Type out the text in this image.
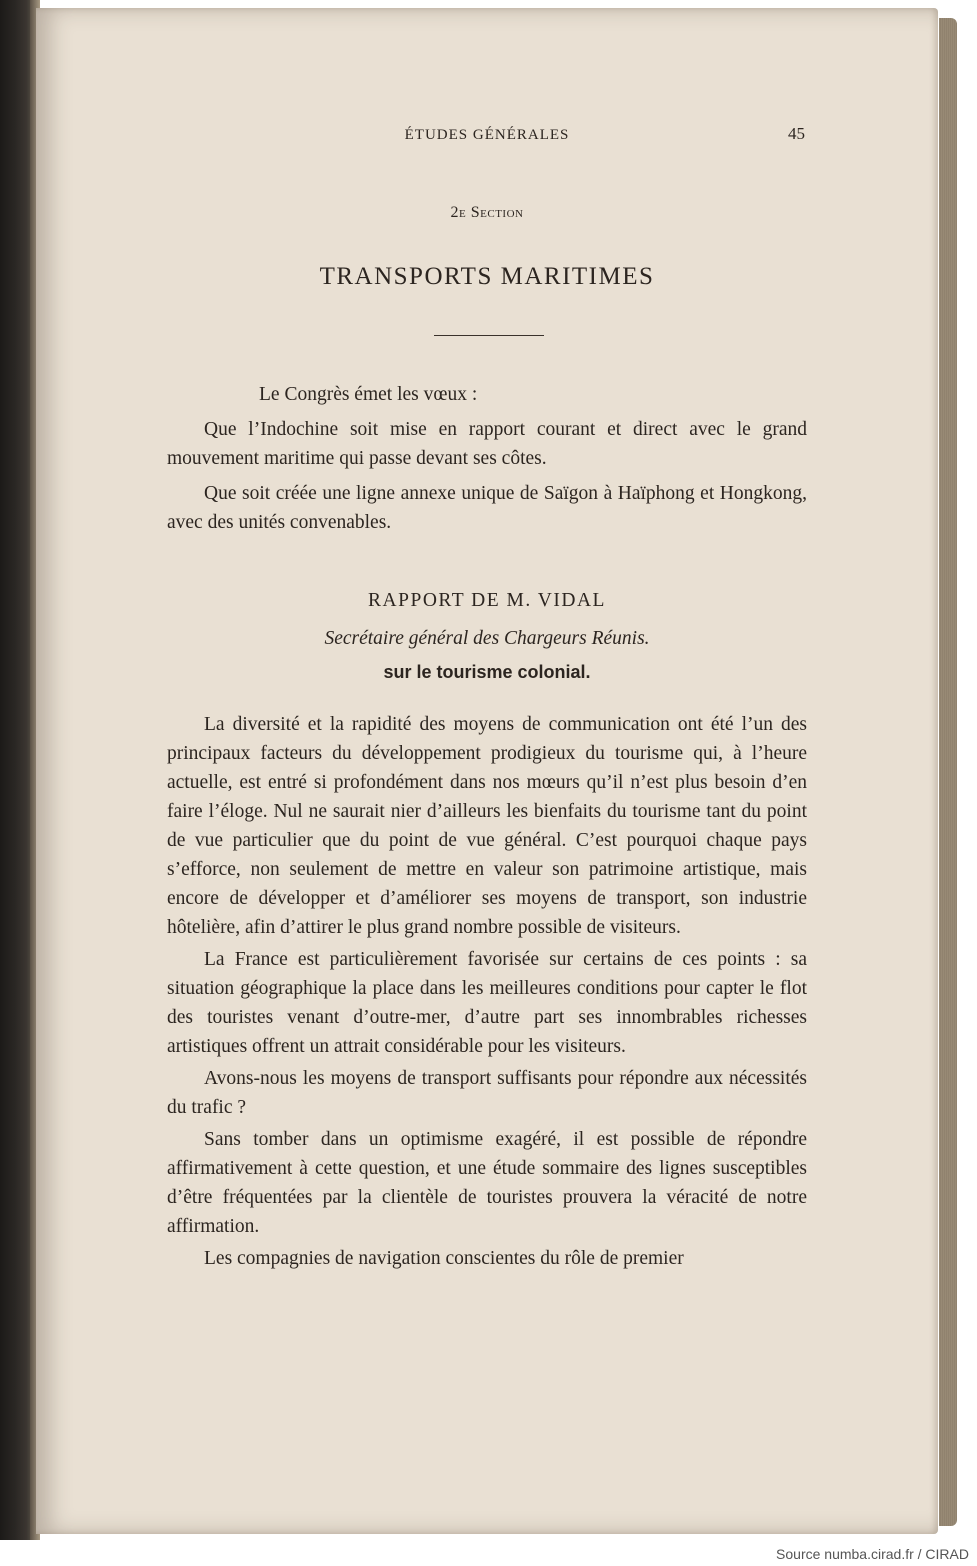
ÉTUDES GÉNÉRALES	45
2e Section
TRANSPORTS MARITIMES

Le Congrès émet les vœux :

Que l’Indochine soit mise en rapport courant et direct avec le grand mouvement maritime qui passe devant ses côtes.

Que soit créée une ligne annexe unique de Saïgon à Haïphong et Hongkong, avec des unités convenables.

RAPPORT DE M. VIDAL
Secrétaire général des Chargeurs Réunis.
sur le tourisme colonial.

La diversité et la rapidité des moyens de communication ont été l’un des principaux facteurs du développement prodigieux du tourisme qui, à l’heure actuelle, est entré si profondément dans nos mœurs qu’il n’est plus besoin d’en faire l’éloge. Nul ne saurait nier d’ailleurs les bienfaits du tourisme tant du point de vue particulier que du point de vue général. C’est pourquoi chaque pays s’efforce, non seulement de mettre en valeur son patrimoine artistique, mais encore de développer et d’améliorer ses moyens de transport, son industrie hôtelière, afin d’attirer le plus grand nombre possible de visiteurs.

La France est particulièrement favorisée sur certains de ces points : sa situation géographique la place dans les meilleures conditions pour capter le flot des touristes venant d’outre-mer, d’autre part ses innombrables richesses artistiques offrent un attrait considérable pour les visiteurs.

Avons-nous les moyens de transport suffisants pour répondre aux nécessités du trafic ?

Sans tomber dans un optimisme exagéré, il est possible de répondre affirmativement à cette question, et une étude sommaire des lignes susceptibles d’être fréquentées par la clientèle de touristes prouvera la véracité de notre affirmation.

Les compagnies de navigation conscientes du rôle de premier

Source numba.cirad.fr / CIRAD
